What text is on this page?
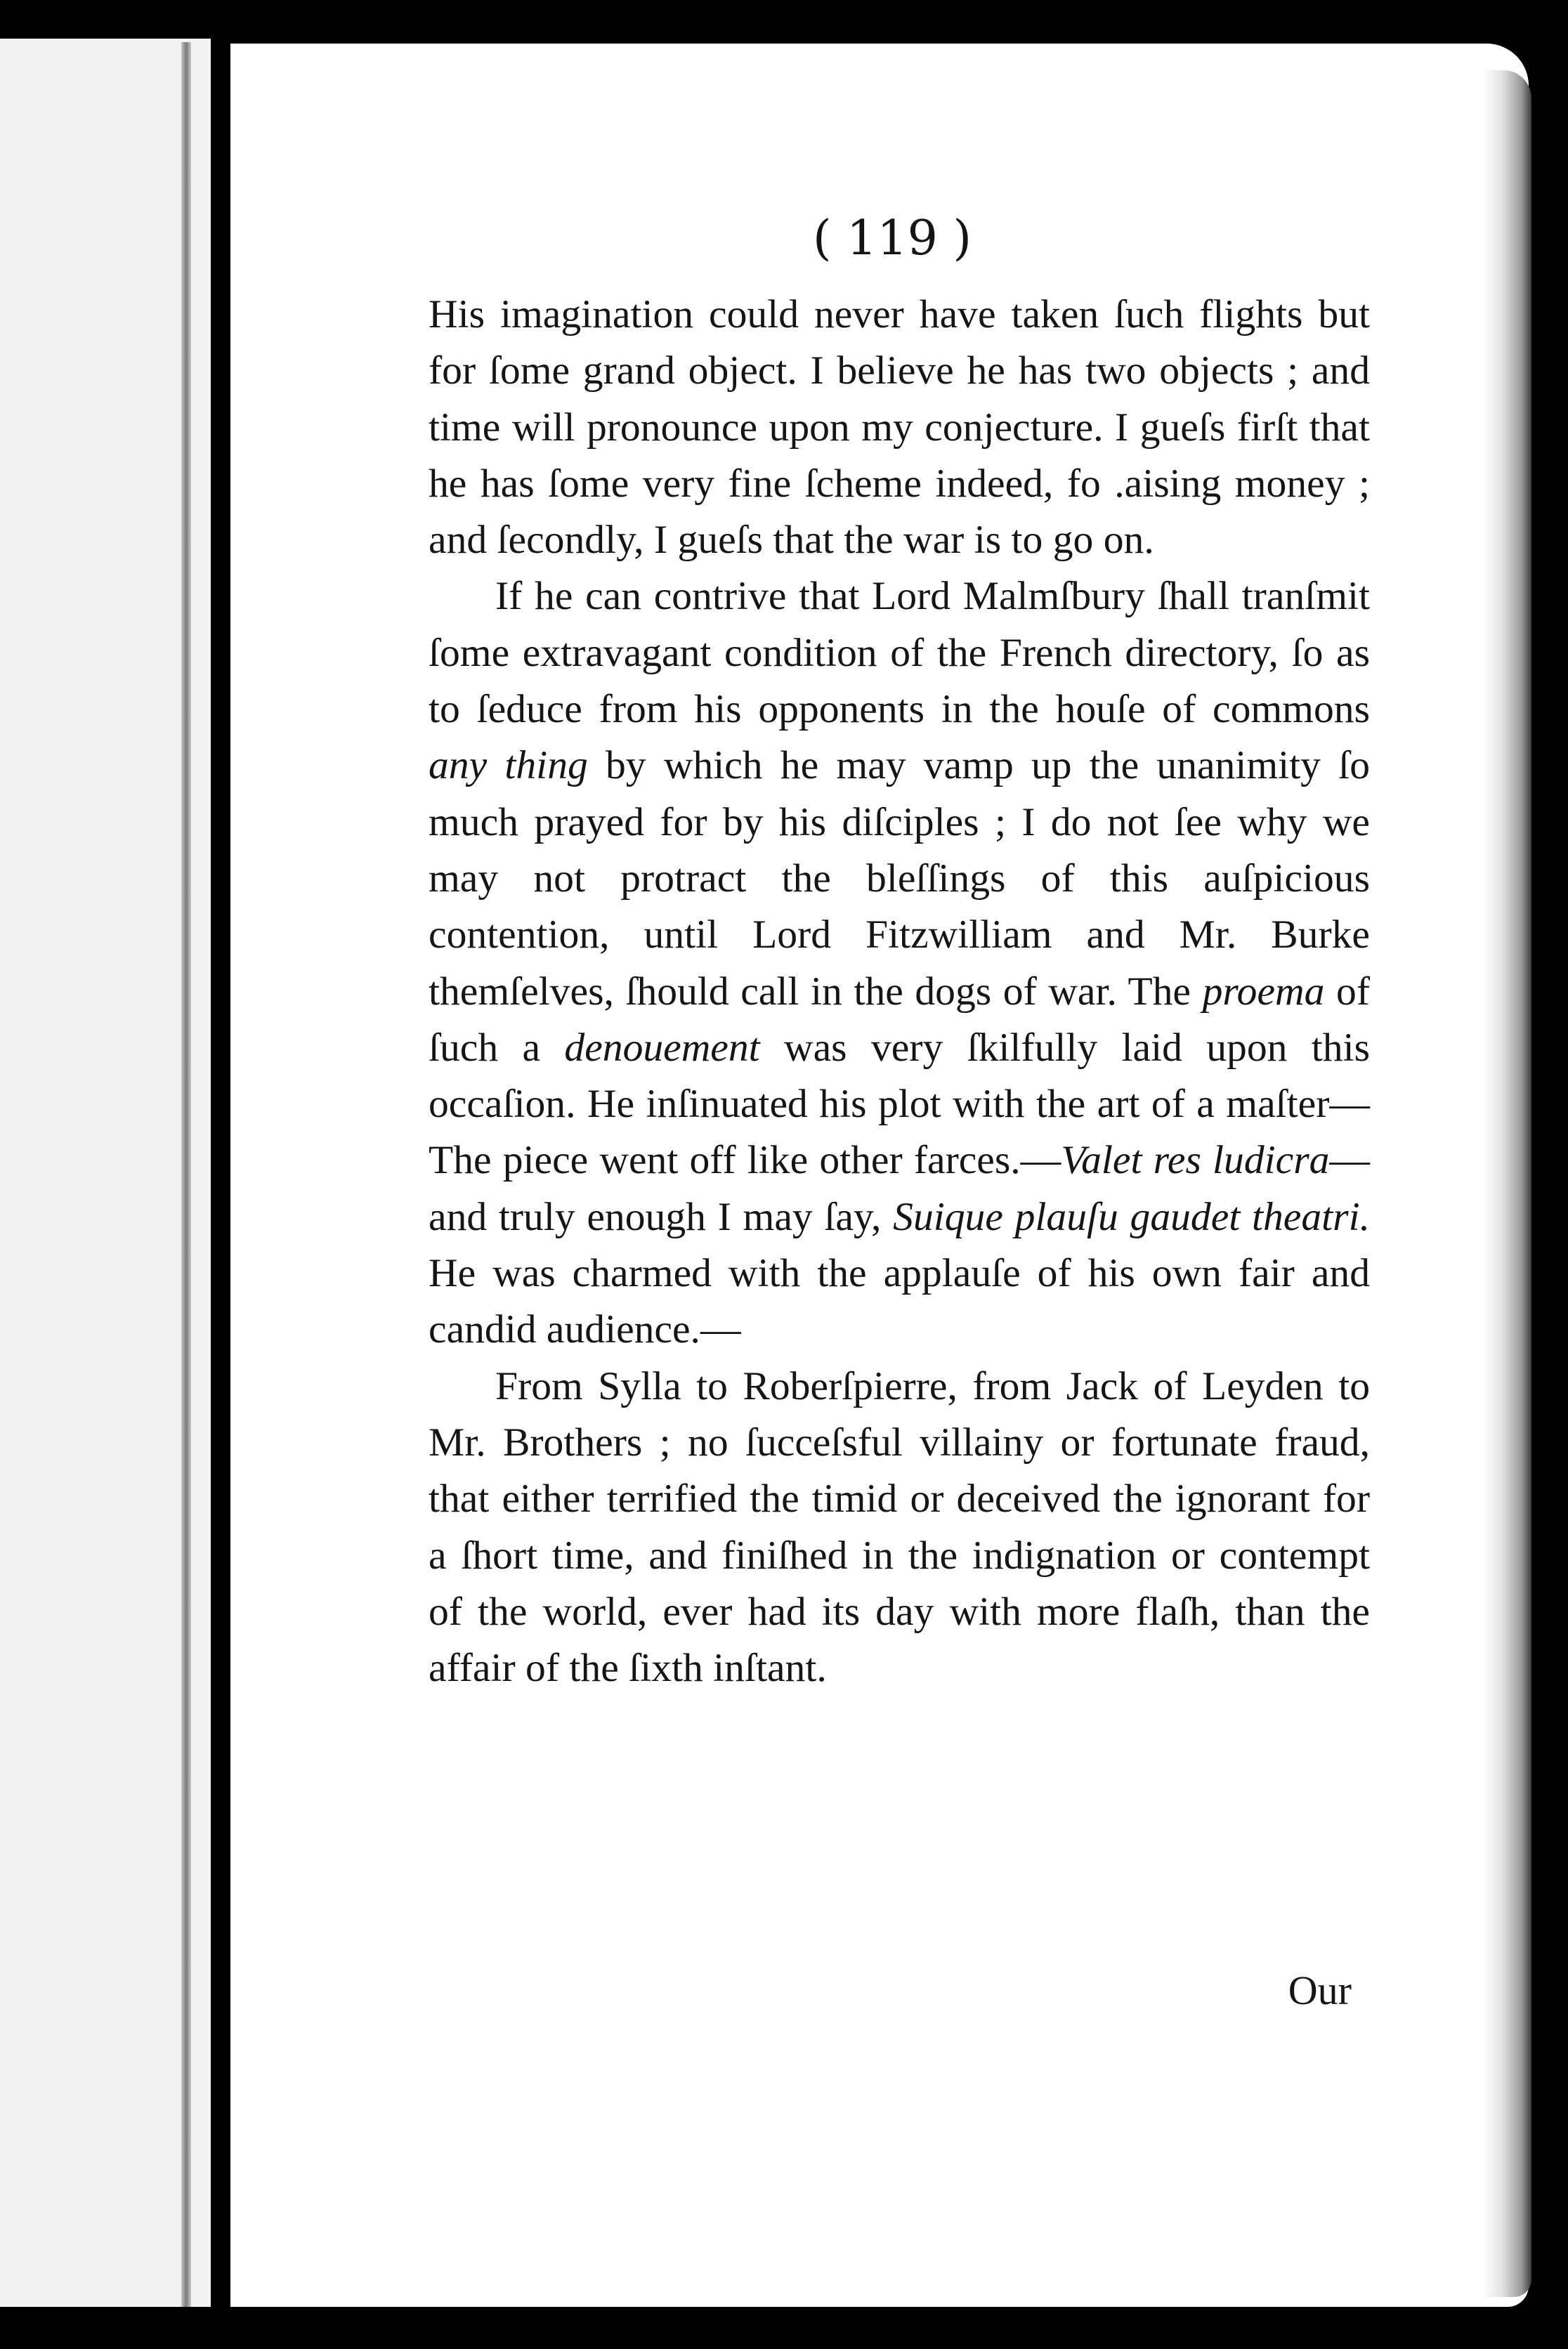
( 119 )

His imagination could never have taken ſuch flights but for ſome grand object. I believe he has two objects ; and time will pronounce upon my conjecture. I gueſs firſt that he has ſome very fine ſcheme indeed, fo .aising money ; and ſecondly, I gueſs that the war is to go on.

If he can contrive that Lord Malmſbury ſhall tranſmit ſome extravagant condition of the French directory, ſo as to ſeduce from his opponents in the houſe of commons any thing by which he may vamp up the unanimity ſo much prayed for by his diſciples ; I do not ſee why we may not protract the bleſſings of this auſpicious contention, until Lord Fitzwilliam and Mr. Burke themſelves, ſhould call in the dogs of war. The proema of ſuch a denouement was very ſkilfully laid upon this occaſion. He inſinuated his plot with the art of a maſter—The piece went off like other farces.—Valet res ludicra—and truly enough I may ſay, Suique plauſu gaudet theatri. He was charmed with the applauſe of his own fair and candid audience.—

From Sylla to Roberſpierre, from Jack of Leyden to Mr. Brothers ; no ſucceſsful villainy or fortunate fraud, that either terrified the timid or deceived the ignorant for a ſhort time, and finiſhed in the indignation or contempt of the world, ever had its day with more flaſh, than the affair of the ſixth inſtant.

Our
